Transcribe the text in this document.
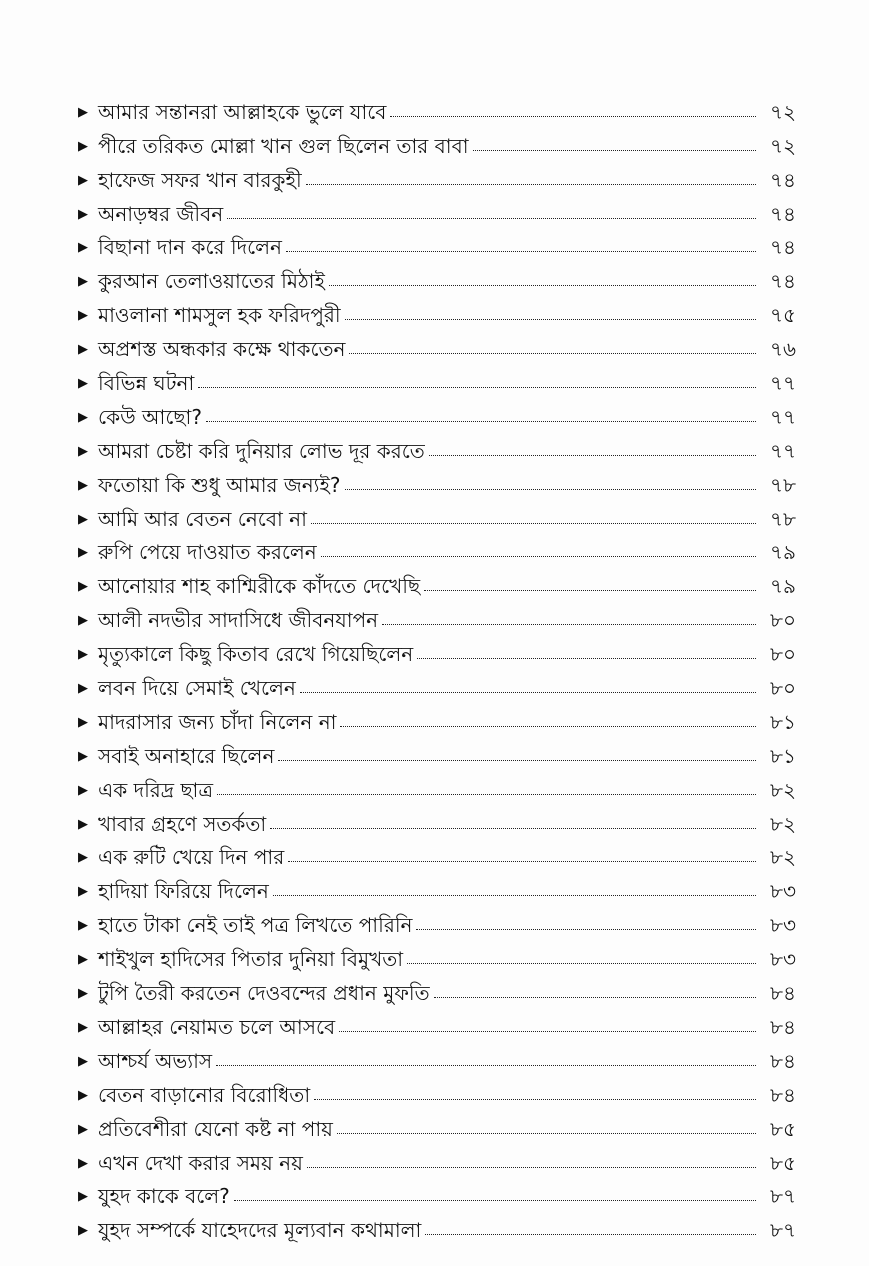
▶ আমার সন্তানরা আল্লাহকে ভুলে যাবে	৭২
▶ পীরে তরিকত মোল্লা খান গুল ছিলেন তার বাবা	৭২
▶ হাফেজ সফর খান বারকুহী	৭৪
▶ অনাড়ম্বর জীবন	৭৪
▶ বিছানা দান করে দিলেন	৭৪
▶ কুরআন তেলাওয়াতের মিঠাই	৭৪
▶ মাওলানা শামসুল হক ফরিদপুরী	৭৫
▶ অপ্রশস্ত অন্ধকার কক্ষে থাকতেন	৭৬
▶ বিভিন্ন ঘটনা	৭৭
▶ কেউ আছো?	৭৭
▶ আমরা চেষ্টা করি দুনিয়ার লোভ দূর করতে	৭৭
▶ ফতোয়া কি শুধু আমার জন্যই?	৭৮
▶ আমি আর বেতন নেবো না	৭৮
▶ রুপি পেয়ে দাওয়াত করলেন	৭৯
▶ আনোয়ার শাহ কাশ্মিরীকে কাঁদতে দেখেছি	৭৯
▶ আলী নদভীর সাদাসিধে জীবনযাপন	৮০
▶ মৃত্যুকালে কিছু কিতাব রেখে গিয়েছিলেন	৮০
▶ লবন দিয়ে সেমাই খেলেন	৮০
▶ মাদরাসার জন্য চাঁদা নিলেন না	৮১
▶ সবাই অনাহারে ছিলেন	৮১
▶ এক দরিদ্র ছাত্র	৮২
▶ খাবার গ্রহণে সতর্কতা	৮২
▶ এক রুটি খেয়ে দিন পার	৮২
▶ হাদিয়া ফিরিয়ে দিলেন	৮৩
▶ হাতে টাকা নেই তাই পত্র লিখতে পারিনি	৮৩
▶ শাইখুল হাদিসের পিতার দুনিয়া বিমুখতা	৮৩
▶ টুপি তৈরী করতেন দেওবন্দের প্রধান মুফতি	৮৪
▶ আল্লাহর নেয়ামত চলে আসবে	৮৪
▶ আশ্চর্য অভ্যাস	৮৪
▶ বেতন বাড়ানোর বিরোধিতা	৮৪
▶ প্রতিবেশীরা যেনো কষ্ট না পায়	৮৫
▶ এখন দেখা করার সময় নয়	৮৫
▶ যুহদ কাকে বলে?	৮৭
▶ যুহদ সম্পর্কে যাহেদদের মূল্যবান কথামালা	৮৭
